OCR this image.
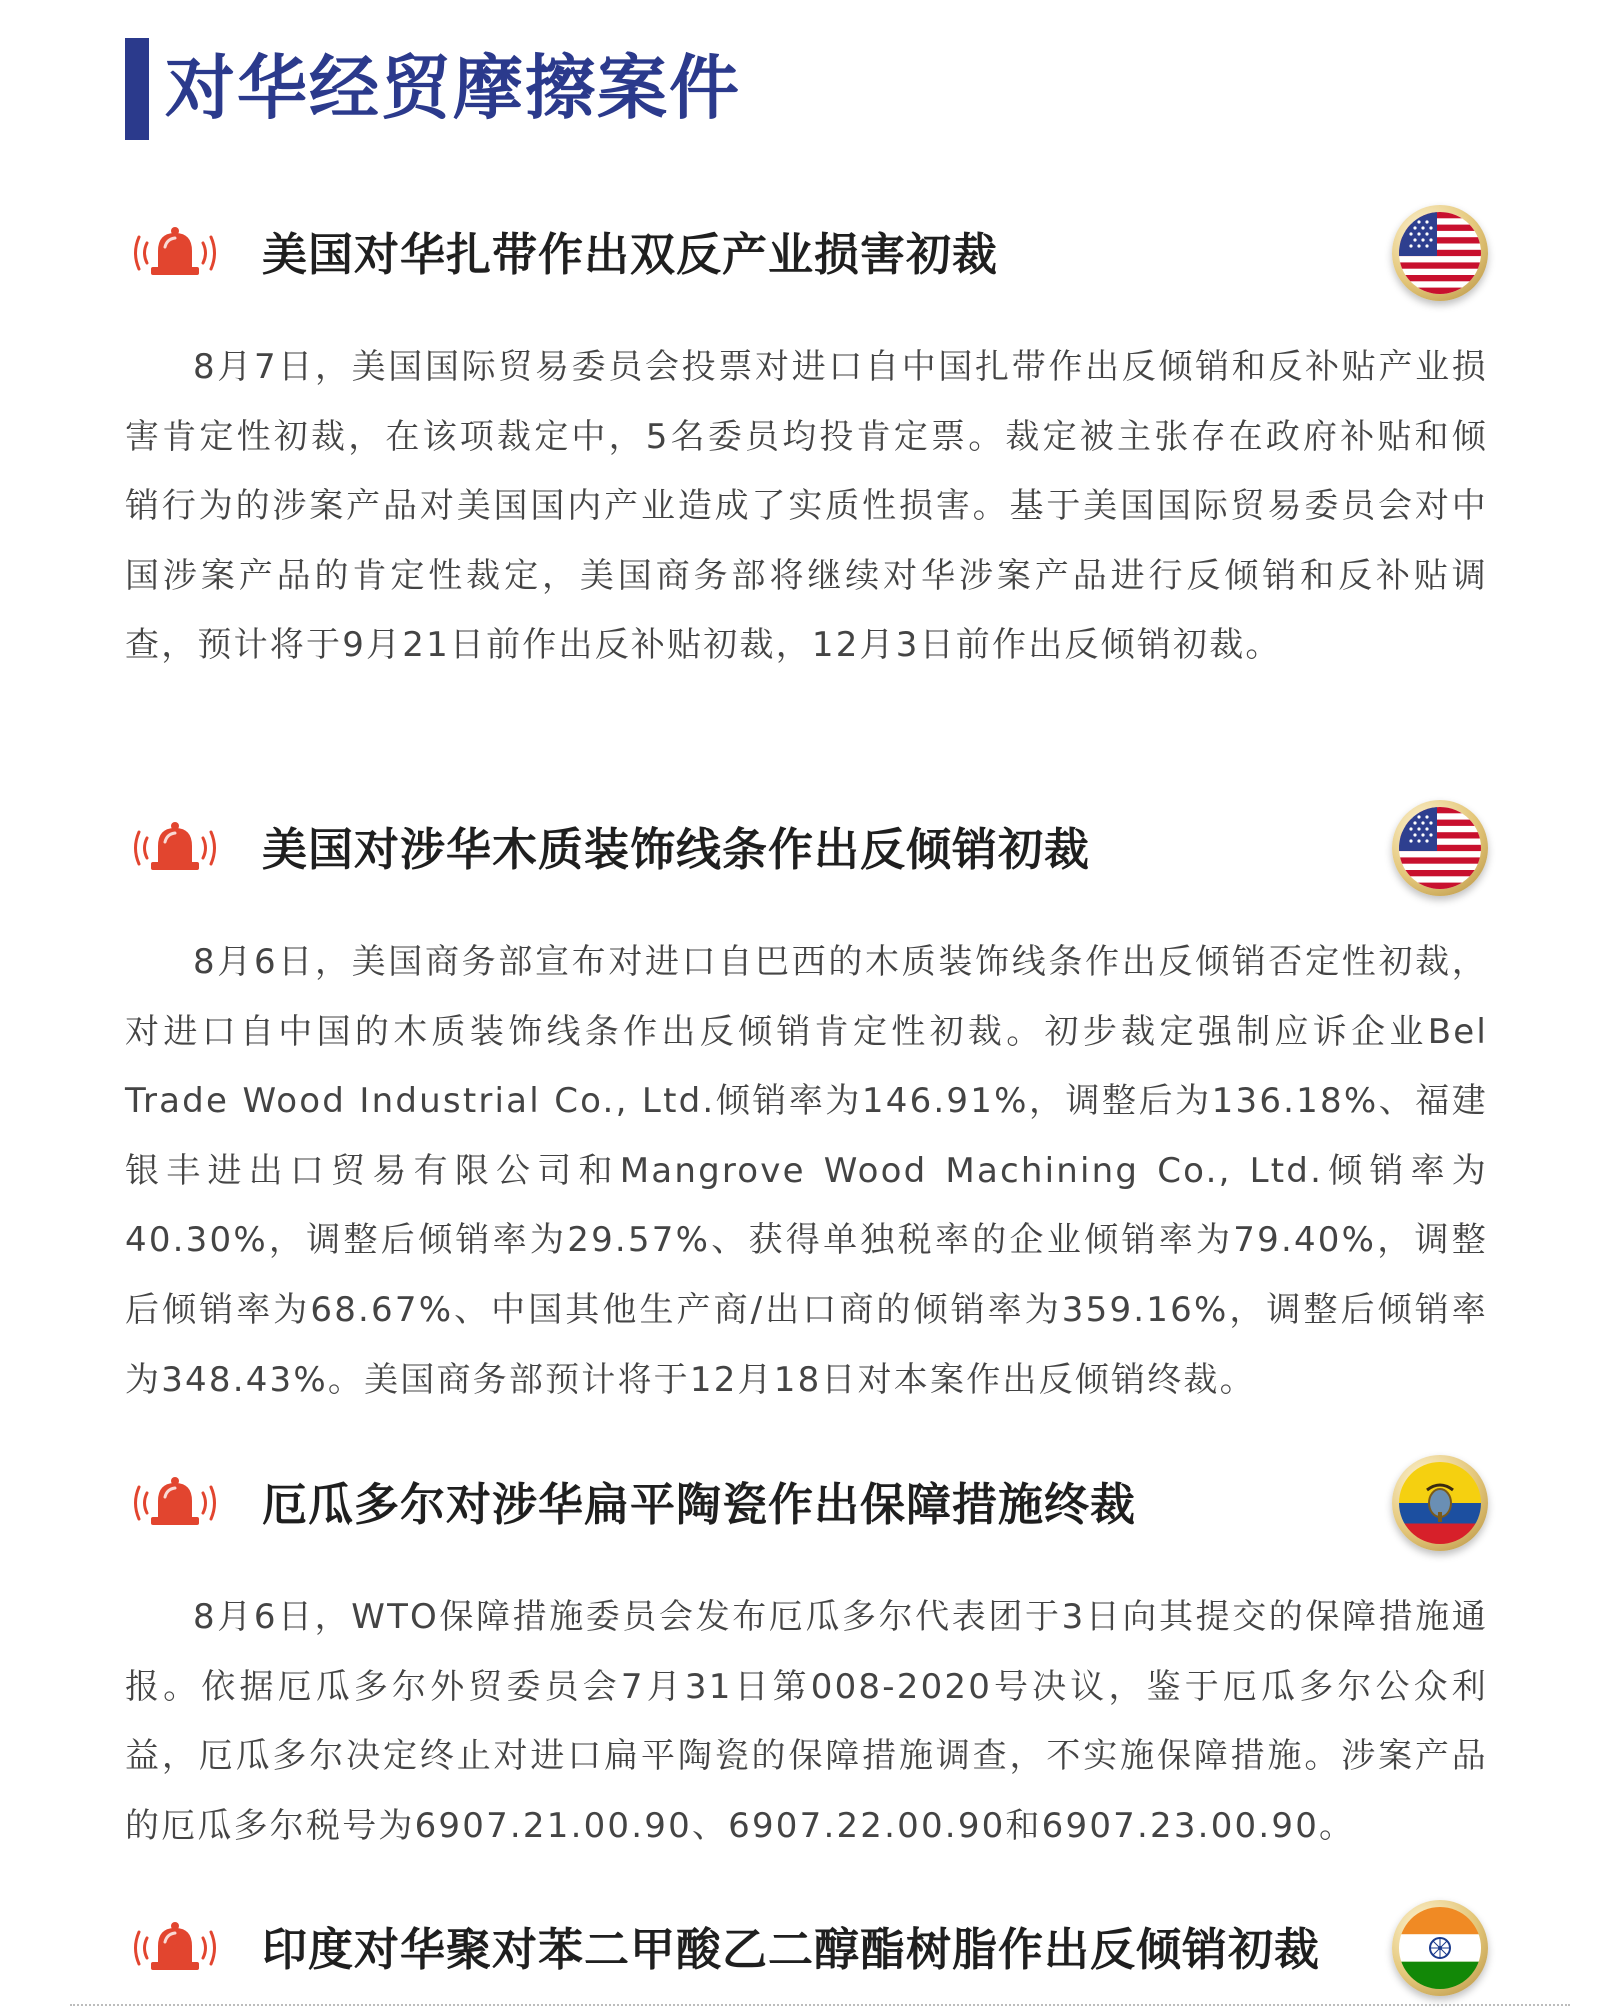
对华经贸摩擦案件
美国对华扎带作出双反产业损害初裁

8月7日，美国国际贸易委员会投票对进口自中国扎带作出反倾销和反补贴产业损害肯定性初裁，在该项裁定中，5名委员均投肯定票。裁定被主张存在政府补贴和倾销行为的涉案产品对美国国内产业造成了实质性损害。基于美国国际贸易委员会对中国涉案产品的肯定性裁定，美国商务部将继续对华涉案产品进行反倾销和反补贴调查，预计将于9月21日前作出反补贴初裁，12月3日前作出反倾销初裁。

美国对涉华木质装饰线条作出反倾销初裁

8月6日，美国商务部宣布对进口自巴西的木质装饰线条作出反倾销否定性初裁，对进口自中国的木质装饰线条作出反倾销肯定性初裁。初步裁定强制应诉企业Bel Trade Wood Industrial Co., Ltd.倾销率为146.91%，调整后为136.18%、福建银丰进出口贸易有限公司和Mangrove Wood Machining Co., Ltd.倾销率为40.30%，调整后倾销率为29.57%、获得单独税率的企业倾销率为79.40%，调整后倾销率为68.67%、中国其他生产商/出口商的倾销率为359.16%，调整后倾销率为348.43%。美国商务部预计将于12月18日对本案作出反倾销终裁。

厄瓜多尔对涉华扁平陶瓷作出保障措施终裁

8月6日，WTO保障措施委员会发布厄瓜多尔代表团于3日向其提交的保障措施通报。依据厄瓜多尔外贸委员会7月31日第008-2020号决议，鉴于厄瓜多尔公众利益，厄瓜多尔决定终止对进口扁平陶瓷的保障措施调查，不实施保障措施。涉案产品的厄瓜多尔税号为6907.21.00.90、6907.22.00.90和6907.23.00.90。

印度对华聚对苯二甲酸乙二醇酯树脂作出反倾销初裁
